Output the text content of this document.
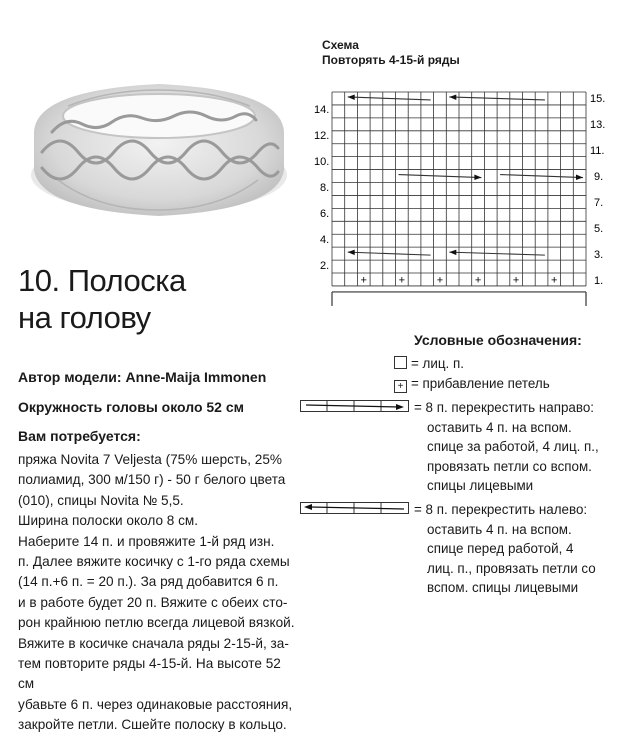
10. Полоска
на голову
Автор модели: Anne-Maija Immonen
Окружность головы около 52 см
Вам потребуется:

пряжа Novita 7 Veljesta (75% шерсть, 25%

полиамид, 300 м/150 г) - 50 г белого цвета

(010), спицы Novita № 5,5.

Ширина полоски около 8 см.

Наберите 14 п. и провяжите 1-й ряд изн.

п. Далее вяжите косичку с 1-го ряда схемы

(14 п.+6 п. = 20 п.). За ряд добавится 6 п.

и в работе будет 20 п. Вяжите с обеих сто-

рон крайнюю петлю всегда лицевой вязкой.

Вяжите в косичке сначала ряды 2-15-й, за-

тем повторите ряды 4-15-й. На высоте 52 см

убавьте 6 п. через одинаковые расстояния,

закройте петли. Сшейте полоску в кольцо.

Схема
Повторять 4-15-й ряды
+	+	+	+	+	+
14.
12.
10.
8.
6.
4.
2.
15.
13.
11.
9.
7.
5.
3.
1.
Условные обозначения:
= лиц. п.
+ = прибавление петель
= 8 п. перекрестить направо:
оставить 4 п. на вспом.
спице за работой, 4 лиц. п.,
провязать петли со вспом.
спицы лицевыми
= 8 п. перекрестить налево:
оставить 4 п. на вспом.
спице перед работой, 4
лиц. п., провязать петли со
вспом. спицы лицевыми
